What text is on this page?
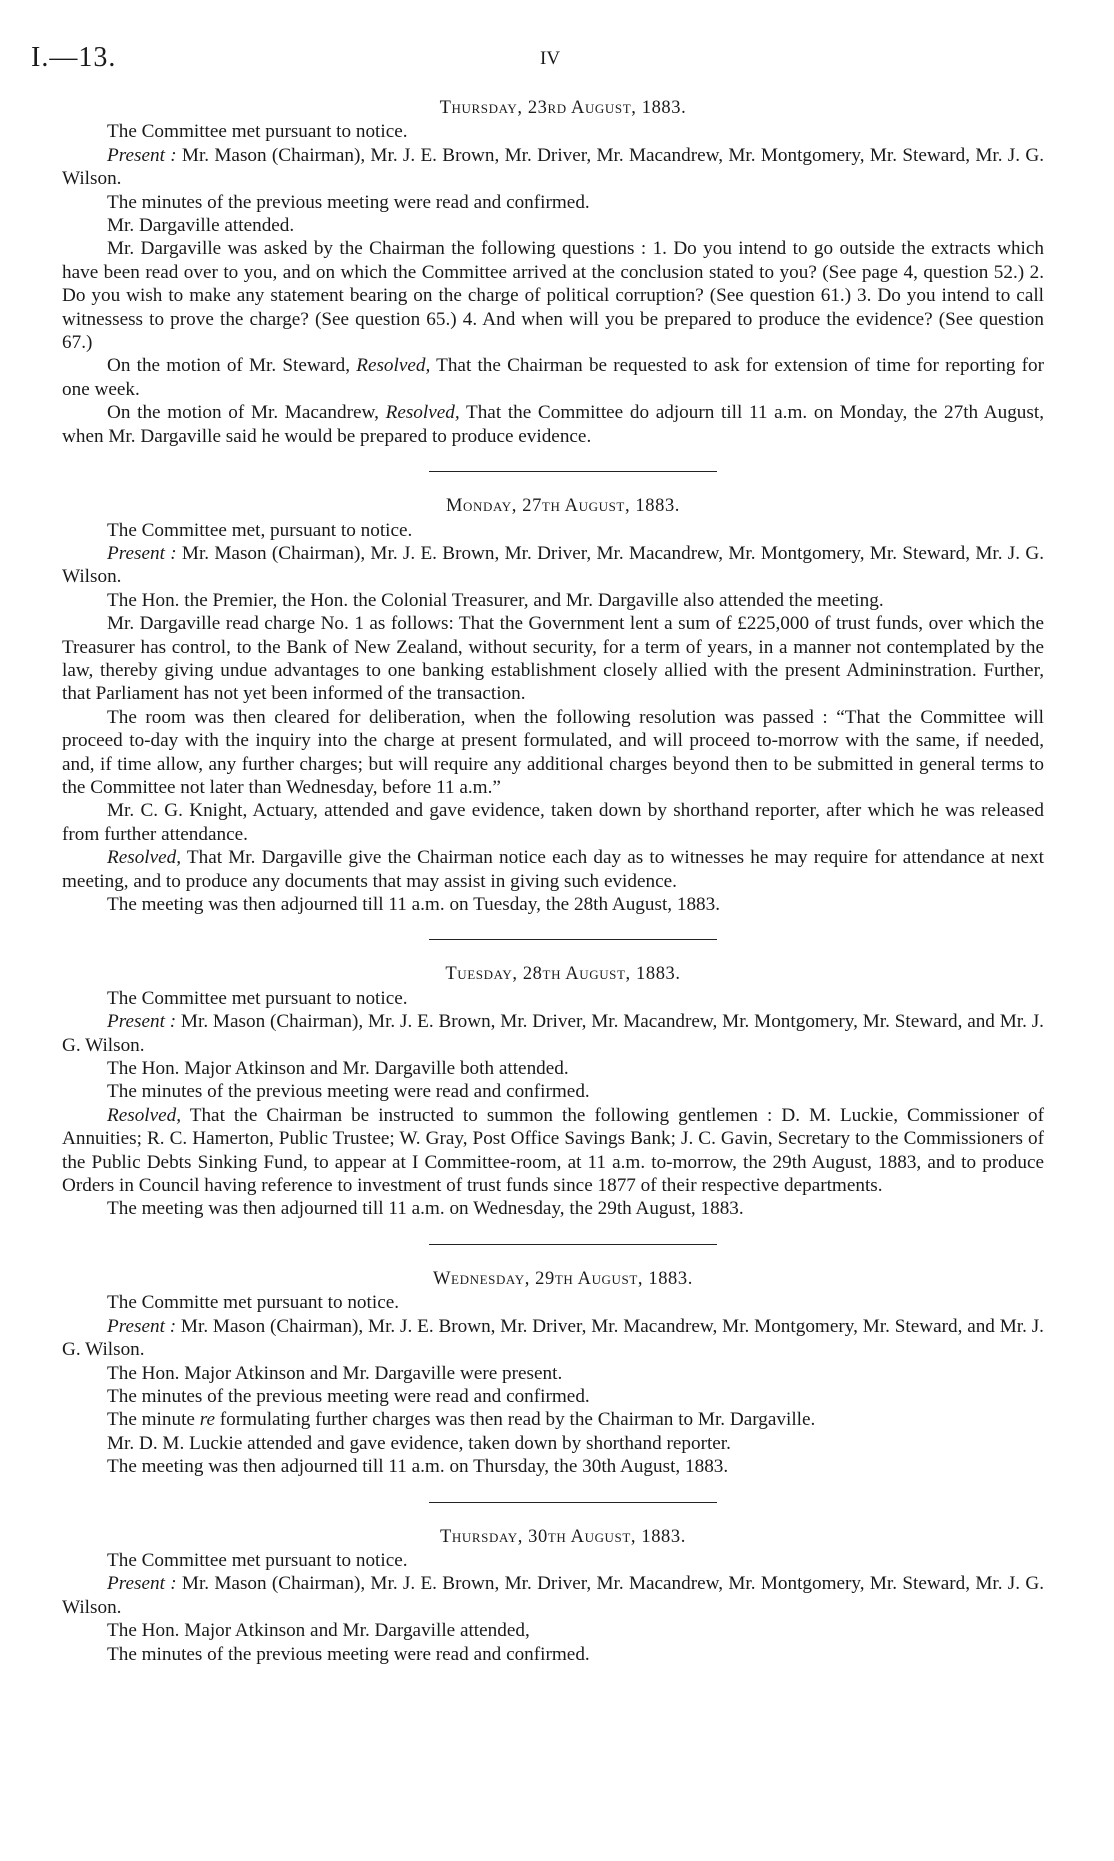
I.—13.	IV
Thursday, 23rd August, 1883.

The Committee met pursuant to notice.

Present : Mr. Mason (Chairman), Mr. J. E. Brown, Mr. Driver, Mr. Macandrew, Mr. Montgomery, Mr. Steward, Mr. J. G. Wilson.

The minutes of the previous meeting were read and confirmed.

Mr. Dargaville attended.

Mr. Dargaville was asked by the Chairman the following questions : 1. Do you intend to go outside the extracts which have been read over to you, and on which the Committee arrived at the conclusion stated to you? (See page 4, question 52.) 2. Do you wish to make any statement bearing on the charge of political corruption? (See question 61.) 3. Do you intend to call witnessess to prove the charge? (See question 65.) 4. And when will you be prepared to produce the evidence? (See question 67.)

On the motion of Mr. Steward, Resolved, That the Chairman be requested to ask for extension of time for reporting for one week.

On the motion of Mr. Macandrew, Resolved, That the Committee do adjourn till 11 a.m. on Monday, the 27th August, when Mr. Dargaville said he would be prepared to produce evidence.

Monday, 27th August, 1883.

The Committee met, pursuant to notice.

Present : Mr. Mason (Chairman), Mr. J. E. Brown, Mr. Driver, Mr. Macandrew, Mr. Montgomery, Mr. Steward, Mr. J. G. Wilson.

The Hon. the Premier, the Hon. the Colonial Treasurer, and Mr. Dargaville also attended the meeting.

Mr. Dargaville read charge No. 1 as follows: That the Government lent a sum of £225,000 of trust funds, over which the Treasurer has control, to the Bank of New Zealand, without security, for a term of years, in a manner not contemplated by the law, thereby giving undue advantages to one banking establishment closely allied with the present Admininstration. Further, that Parliament has not yet been informed of the transaction.

The room was then cleared for deliberation, when the following resolution was passed : “That the Committee will proceed to-day with the inquiry into the charge at present formulated, and will proceed to-morrow with the same, if needed, and, if time allow, any further charges; but will require any additional charges beyond then to be submitted in general terms to the Committee not later than Wednesday, before 11 a.m.”

Mr. C. G. Knight, Actuary, attended and gave evidence, taken down by shorthand reporter, after which he was released from further attendance.

Resolved, That Mr. Dargaville give the Chairman notice each day as to witnesses he may require for attendance at next meeting, and to produce any documents that may assist in giving such evidence.

The meeting was then adjourned till 11 a.m. on Tuesday, the 28th August, 1883.

Tuesday, 28th August, 1883.

The Committee met pursuant to notice.

Present : Mr. Mason (Chairman), Mr. J. E. Brown, Mr. Driver, Mr. Macandrew, Mr. Montgomery, Mr. Steward, and Mr. J. G. Wilson.

The Hon. Major Atkinson and Mr. Dargaville both attended.

The minutes of the previous meeting were read and confirmed.

Resolved, That the Chairman be instructed to summon the following gentlemen : D. M. Luckie, Commissioner of Annuities; R. C. Hamerton, Public Trustee; W. Gray, Post Office Savings Bank; J. C. Gavin, Secretary to the Commissioners of the Public Debts Sinking Fund, to appear at I Committee-room, at 11 a.m. to-morrow, the 29th August, 1883, and to produce Orders in Council having reference to investment of trust funds since 1877 of their respective departments.

The meeting was then adjourned till 11 a.m. on Wednesday, the 29th August, 1883.

Wednesday, 29th August, 1883.

The Committe met pursuant to notice.

Present : Mr. Mason (Chairman), Mr. J. E. Brown, Mr. Driver, Mr. Macandrew, Mr. Montgomery, Mr. Steward, and Mr. J. G. Wilson.

The Hon. Major Atkinson and Mr. Dargaville were present.

The minutes of the previous meeting were read and confirmed.

The minute re formulating further charges was then read by the Chairman to Mr. Dargaville.

Mr. D. M. Luckie attended and gave evidence, taken down by shorthand reporter.

The meeting was then adjourned till 11 a.m. on Thursday, the 30th August, 1883.

Thursday, 30th August, 1883.

The Committee met pursuant to notice.

Present : Mr. Mason (Chairman), Mr. J. E. Brown, Mr. Driver, Mr. Macandrew, Mr. Montgomery, Mr. Steward, Mr. J. G. Wilson.

The Hon. Major Atkinson and Mr. Dargaville attended,

The minutes of the previous meeting were read and confirmed.
